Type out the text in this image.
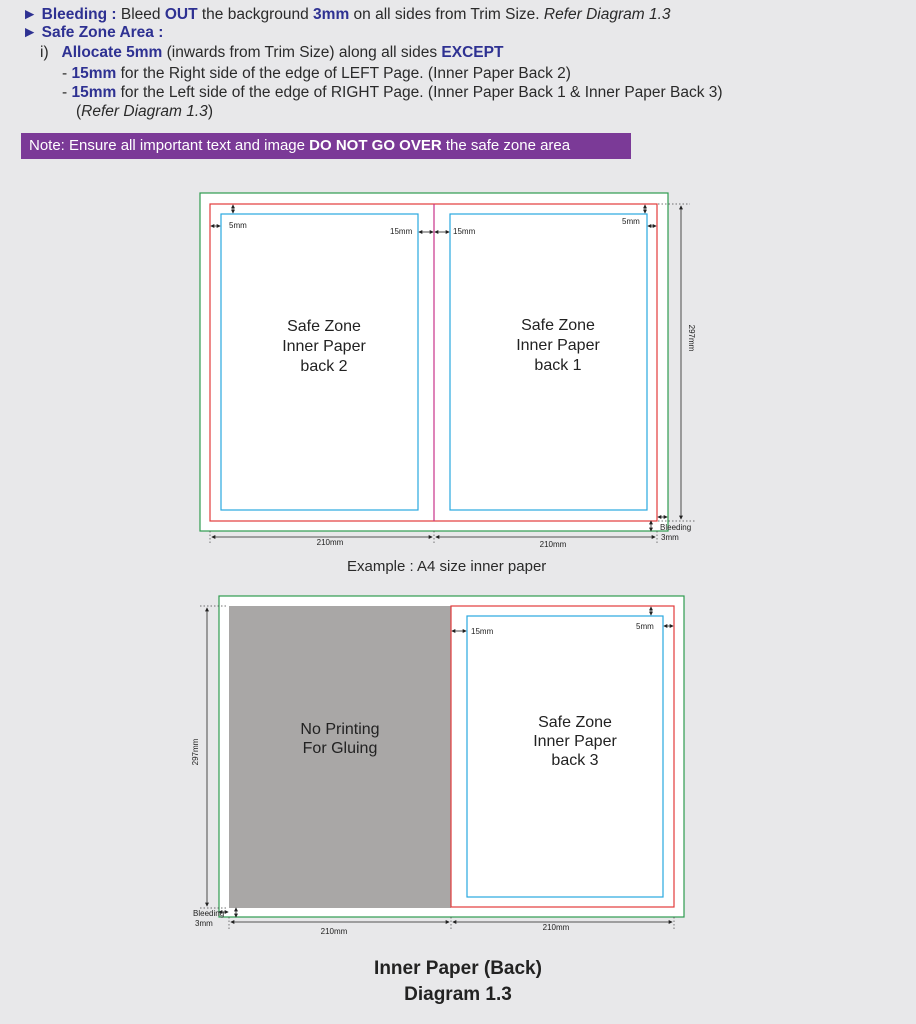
► Bleeding : Bleed OUT the background 3mm on all sides from Trim Size. Refer Diagram 1.3
► Safe Zone Area :
i) Allocate 5mm (inwards from Trim Size) along all sides EXCEPT
- 15mm for the Right side of the edge of LEFT Page. (Inner Paper Back 2)
- 15mm for the Left side of the edge of RIGHT Page. (Inner Paper Back 1 & Inner Paper Back 3)
(Refer Diagram 1.3)
Note: Ensure all important text and image DO NOT GO OVER the safe zone area
Safe Zone
Inner Paper
back 2
Safe Zone
Inner Paper
back 1
5mm
15mm	15mm
5mm
297mm
Bleeding
3mm
210mm	210mm
No Printing
For Gluing
Safe Zone
Inner Paper
back 3
15mm
5mm
297mm
Bleeding
3mm
210mm	210mm
Example : A4 size inner paper
Inner Paper (Back)
Diagram 1.3
